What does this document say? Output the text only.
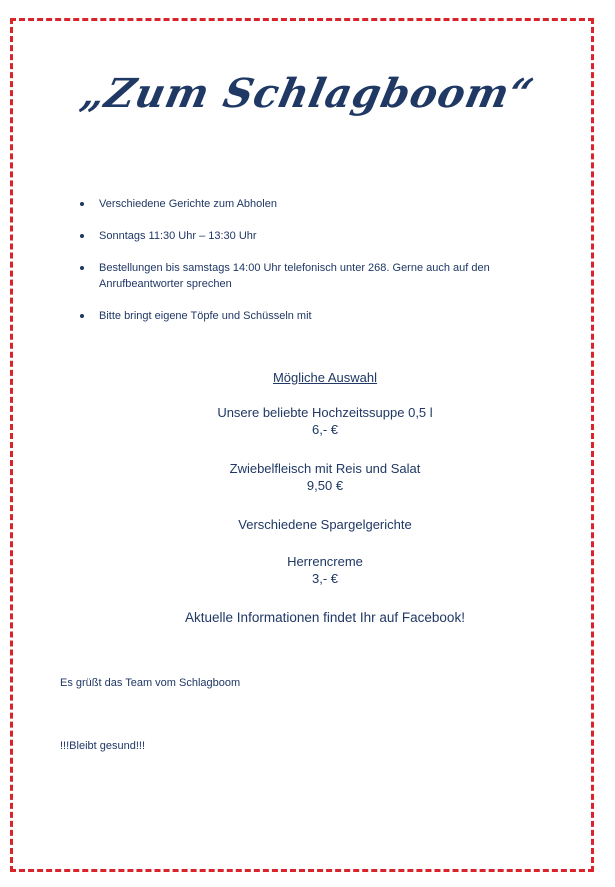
„Zum Schlagboom“
Verschiedene Gerichte zum Abholen
Sonntags 11:30 Uhr – 13:30 Uhr
Bestellungen bis samstags 14:00 Uhr telefonisch unter 268. Gerne auch auf den Anrufbeantworter sprechen
Bitte bringt eigene Töpfe und Schüsseln mit
Mögliche Auswahl
Unsere beliebte Hochzeitssuppe 0,5 l
6,- €
Zwiebelfleisch mit Reis und Salat
9,50 €
Verschiedene Spargelgerichte
Herrencreme
3,- €
Aktuelle Informationen findet Ihr auf Facebook!
Es grüßt das Team vom Schlagboom
!!!Bleibt gesund!!!
